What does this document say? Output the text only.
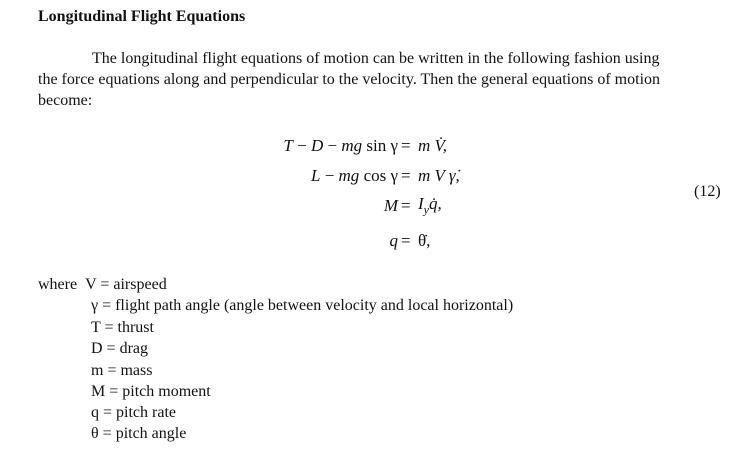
Longitudinal Flight Equations

The longitudinal flight equations of motion can be written in the following fashion using

the force equations along and perpendicular to the velocity. Then the general equations of motion

become:

T − D − mg sin γ = m V̇,
L − mg cos γ = m V γ̇,
$M = I_yq̇$,
q = θ̇,
(12)
where V = airspeed
γ = flight path angle (angle between velocity and local horizontal)
T = thrust
D = drag
m = mass
M = pitch moment
q = pitch rate
θ = pitch angle
